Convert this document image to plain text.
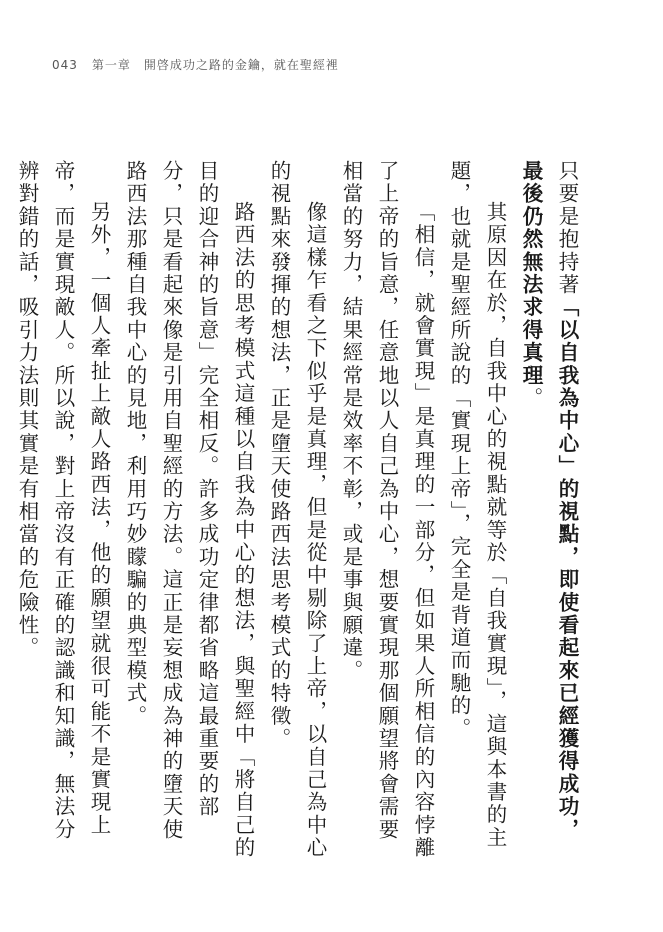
043 第一章　開啓成功之路的金鑰，就在聖經裡

只要是抱持著「以自我為中心」的視點，即使看起來已經獲得成功，最後仍然無法求得真理。

其原因在於，自我中心的視點就等於「自我實現」，這與本書的主題，也就是聖經所說的「實現上帝」，完全是背道而馳的。

「相信，就會實現」是真理的一部分，但如果人所相信的內容悖離了上帝的旨意，任意地以人自己為中心，想要實現那個願望將會需要相當的努力，結果經常是效率不彰，或是事與願違。

像這樣乍看之下似乎是真理，但是從中剔除了上帝，以自己為中心的視點來發揮的想法，正是墮天使路西法思考模式的特徵。

路西法的思考模式這種以自我為中心的想法，與聖經中「將自己的目的迎合神的旨意」完全相反。許多成功定律都省略這最重要的部分，只是看起來像是引用自聖經的方法。這正是妄想成為神的墮天使路西法那種自我中心的見地，利用巧妙矇騙的典型模式。

另外，一個人牽扯上敵人路西法，他的願望就很可能不是實現上帝，而是實現敵人。所以說，對上帝沒有正確的認識和知識，無法分辨對錯的話，吸引力法則其實是有相當的危險性。
